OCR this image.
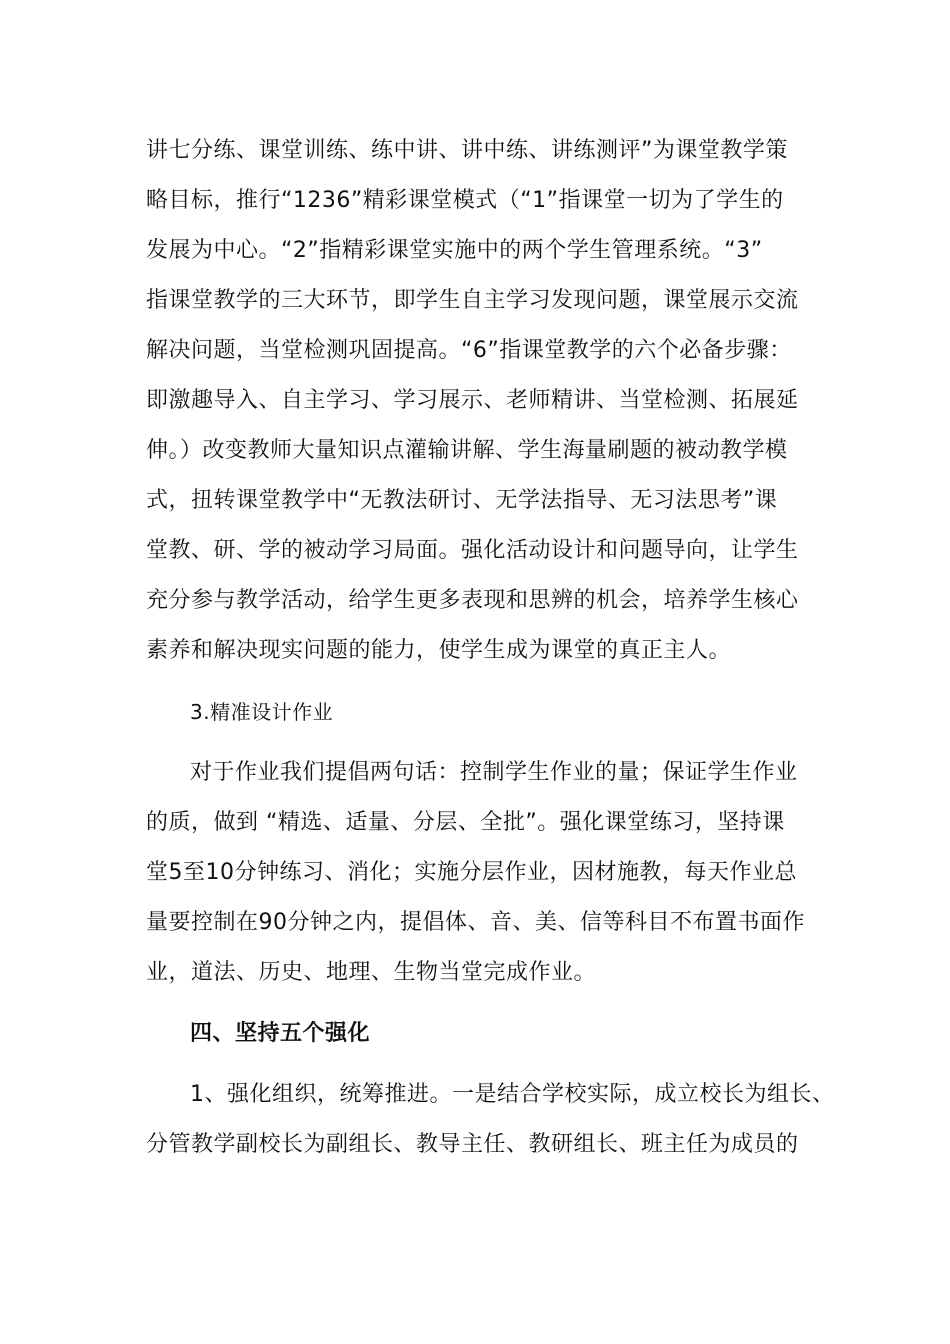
讲七分练、课堂训练、练中讲、讲中练、讲练测评”为课堂教学策
略目标，推行“1236”精彩课堂模式（“1”指课堂一切为了学生的
发展为中心。“2”指精彩课堂实施中的两个学生管理系统。“3”
指课堂教学的三大环节，即学生自主学习发现问题，课堂展示交流
解决问题，当堂检测巩固提高。“6”指课堂教学的六个必备步骤：
即激趣导入、自主学习、学习展示、老师精讲、当堂检测、拓展延
伸。）改变教师大量知识点灌输讲解、学生海量刷题的被动教学模
式，扭转课堂教学中“无教法研讨、无学法指导、无习法思考”课
堂教、研、学的被动学习局面。强化活动设计和问题导向，让学生
充分参与教学活动，给学生更多表现和思辨的机会，培养学生核心
素养和解决现实问题的能力，使学生成为课堂的真正主人。
3.精准设计作业
对于作业我们提倡两句话：控制学生作业的量；保证学生作业
的质，做到 “精选、适量、分层、全批”。强化课堂练习，坚持课
堂5至10分钟练习、消化；实施分层作业，因材施教，每天作业总
量要控制在90分钟之内，提倡体、音、美、信等科目不布置书面作
业，道法、历史、地理、生物当堂完成作业。
四、坚持五个强化
1、强化组织，统筹推进。一是结合学校实际，成立校长为组长、
分管教学副校长为副组长、教导主任、教研组长、班主任为成员的
